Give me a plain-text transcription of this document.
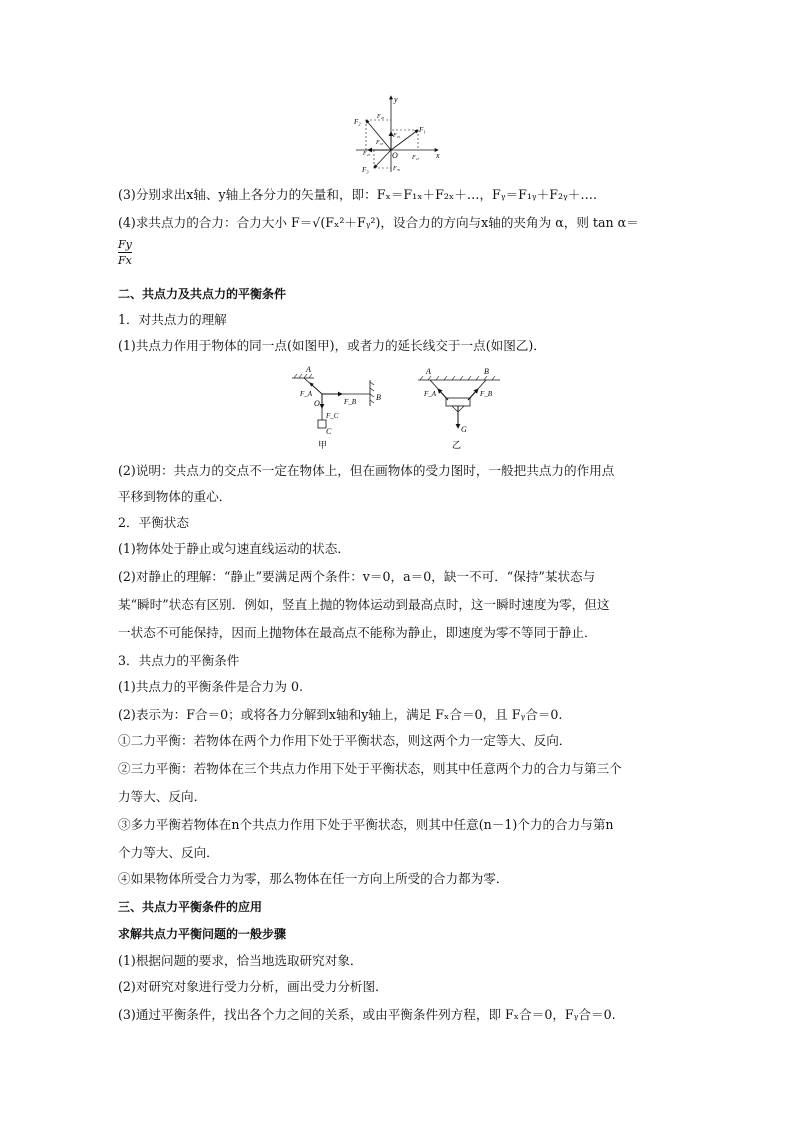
y
x
O
F₁
F₂
F₃
F₁ₓ
F₁ᵧ
F₂ₓ
F₂ᵧ
F₃ₓ
F₃ᵧ
(3)分别求出x轴、y轴上各分力的矢量和，即：Fₓ＝F₁ₓ＋F₂ₓ＋…，Fᵧ＝F₁ᵧ＋F₂ᵧ＋….
(4)求共点力的合力：合力大小 F＝√(Fₓ²＋Fᵧ²)，设合力的方向与x轴的夹角为 α，则 tan α＝
Fy
Fx
二、共点力及共点力的平衡条件
1．对共点力的理解
(1)共点力作用于物体的同一点(如图甲)，或者力的延长线交于一点(如图乙)．
A
B
O
C
F_A
F_B
F_C
甲
A	B
G
F_A	F_B
乙
(2)说明：共点力的交点不一定在物体上，但在画物体的受力图时，一般把共点力的作用点
平移到物体的重心．
2．平衡状态
(1)物体处于静止或匀速直线运动的状态．
(2)对静止的理解：“静止”要满足两个条件：v＝0，a＝0，缺一不可．“保持”某状态与
某“瞬时”状态有区别．例如，竖直上抛的物体运动到最高点时，这一瞬时速度为零，但这
一状态不可能保持，因而上抛物体在最高点不能称为静止，即速度为零不等同于静止．
3．共点力的平衡条件
(1)共点力的平衡条件是合力为 0.
(2)表示为：F合＝0；或将各力分解到x轴和y轴上，满足 Fₓ合＝0，且 Fᵧ合＝0.
①二力平衡：若物体在两个力作用下处于平衡状态，则这两个力一定等大、反向．
②三力平衡：若物体在三个共点力作用下处于平衡状态，则其中任意两个力的合力与第三个
力等大、反向．
③多力平衡若物体在n个共点力作用下处于平衡状态，则其中任意(n－1)个力的合力与第n
个力等大、反向．
④如果物体所受合力为零，那么物体在任一方向上所受的合力都为零．
三、共点力平衡条件的应用
求解共点力平衡问题的一般步骤
(1)根据问题的要求，恰当地选取研究对象．
(2)对研究对象进行受力分析，画出受力分析图．
(3)通过平衡条件，找出各个力之间的关系，或由平衡条件列方程，即 Fₓ合＝0，Fᵧ合＝0.
